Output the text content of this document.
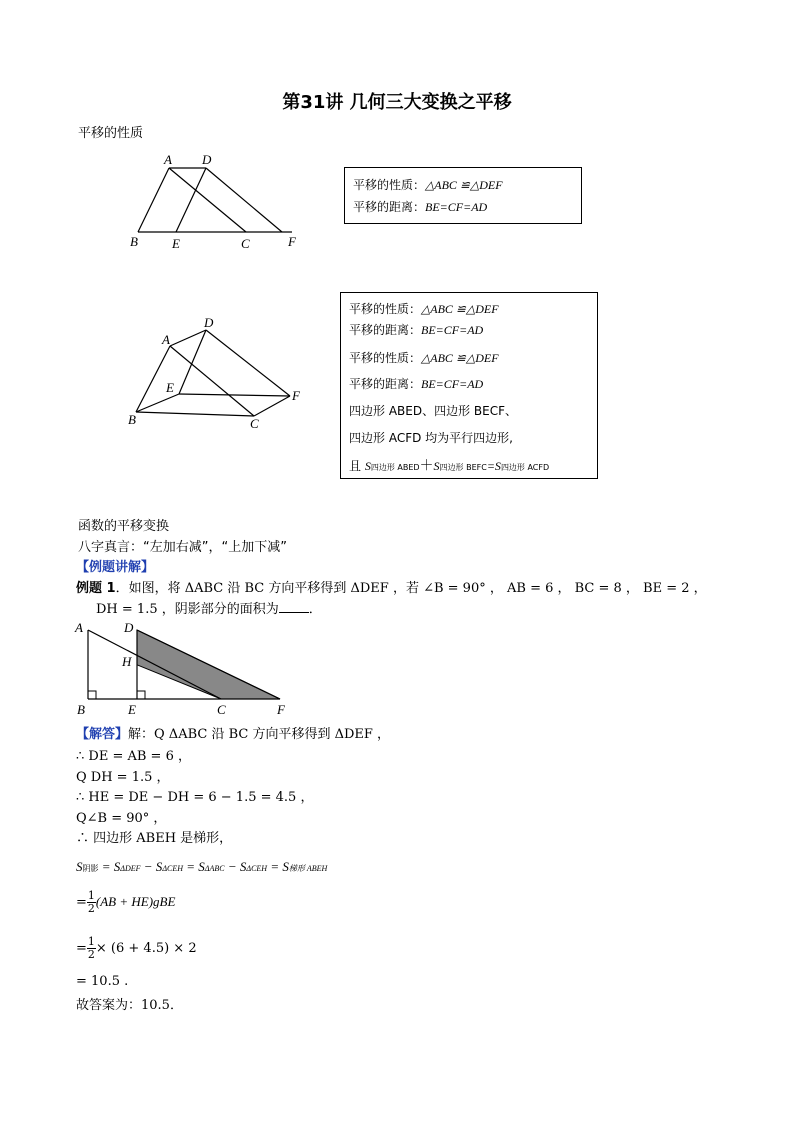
第31讲 几何三大变换之平移
平移的性质
A D
B	E	C	F
平移的性质：△ABC ≌△DEF
平移的距离：BE=CF=AD
A
D
E
B	C
F
平移的性质：△ABC ≌△DEF
平移的距离：BE=CF=AD
平移的性质：△ABC ≌△DEF
平移的距离：BE=CF=AD
四边形 ABED、四边形 BECF、
四边形 ACFD 均为平行四边形,
且 S四边形 ABED＋S四边形 BEFC=S四边形 ACFD
函数的平移变换
八字真言：“左加右减”，“上加下减”
【例题讲解】
例题 1．如图，将 ΔABC 沿 BC 方向平移得到 ΔDEF ，若 ∠B = 90° ， AB = 6 ， BC = 8 ， BE = 2 ，
DH = 1.5 ，阴影部分的面积为 ．
A	D
H
B	E	C	F
【解答】解：Q ΔABC 沿 BC 方向平移得到 ΔDEF ，
∴ DE = AB = 6 ，
Q DH = 1.5 ，
∴ HE = DE − DH = 6 − 1.5 = 4.5 ，
Q∠B = 90° ，
∴ 四边形 ABEH 是梯形，
S阴影 = SΔDEF − SΔCEH = SΔABC − SΔCEH = S梯形 ABEH
= $\frac{1}{2} (AB + HE)gBE$
= $\frac{1}{2} \times (6 + 4.5) \times 2$
= 10.5 .
故答案为：10.5．
